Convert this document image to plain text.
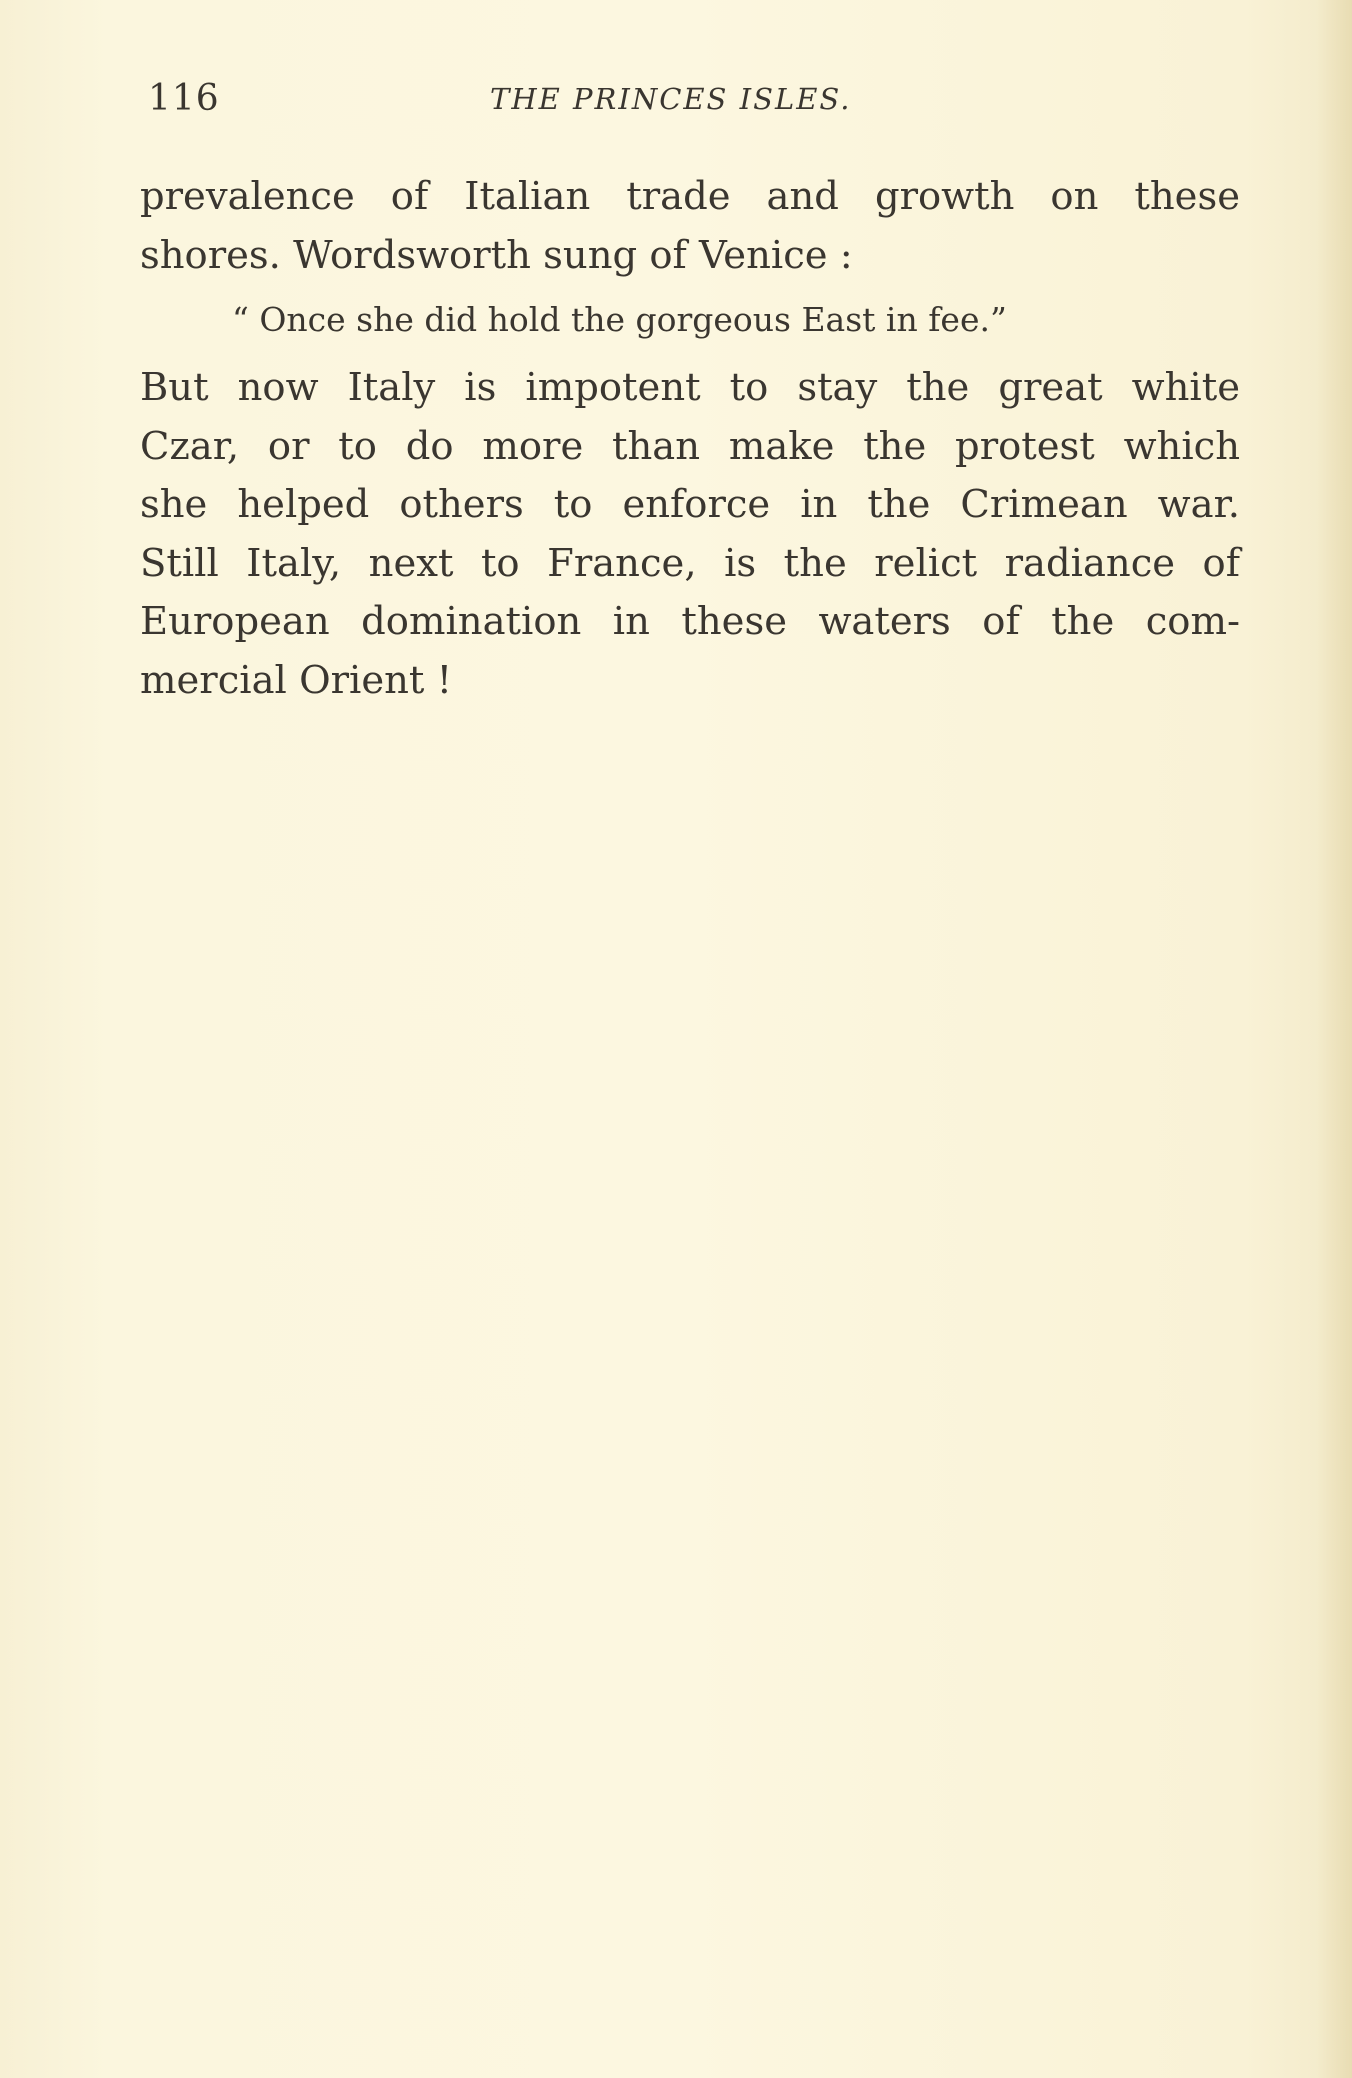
116	THE PRINCES ISLES.
prevalence of Italian trade and growth on these
shores. Wordsworth sung of Venice :
“ Once she did hold the gorgeous East in fee.”
But now Italy is impotent to stay the great white
Czar, or to do more than make the protest which
she helped others to enforce in the Crimean war.
Still Italy, next to France, is the relict radiance of
European domination in these waters of the com-
mercial Orient !
